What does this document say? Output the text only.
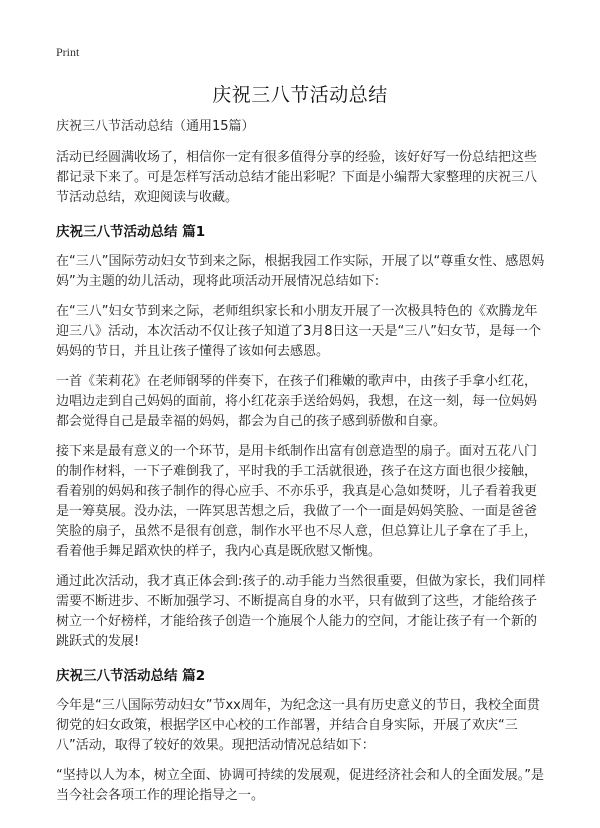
Print
庆祝三八节活动总结

庆祝三八节活动总结（通用15篇）

活动已经圆满收场了，相信你一定有很多值得分享的经验，该好好写一份总结把这些都记录下来了。可是怎样写活动总结才能出彩呢？下面是小编帮大家整理的庆祝三八节活动总结，欢迎阅读与收藏。

庆祝三八节活动总结 篇1

在“三八”国际劳动妇女节到来之际，根据我园工作实际，开展了以“尊重女性、感恩妈妈”为主题的幼儿活动，现将此项活动开展情况总结如下:

在“三八”妇女节到来之际，老师组织家长和小朋友开展了一次极具特色的《欢腾龙年迎三八》活动，本次活动不仅让孩子知道了3月8日这一天是“三八”妇女节，是每一个妈妈的节日，并且让孩子懂得了该如何去感恩。

一首《茉莉花》在老师钢琴的伴奏下，在孩子们稚嫩的歌声中，由孩子手拿小红花，边唱边走到自己妈妈的面前，将小红花亲手送给妈妈，我想，在这一刻，每一位妈妈都会觉得自己是最幸福的妈妈，都会为自己的孩子感到骄傲和自豪。

接下来是最有意义的一个环节，是用卡纸制作出富有创意造型的扇子。面对五花八门的制作材料，一下子难倒我了，平时我的手工活就很逊，孩子在这方面也很少接触，看着别的妈妈和孩子制作的得心应手、不亦乐乎，我真是心急如焚呀，儿子看着我更是一筹莫展。没办法，一阵冥思苦想之后，我做了一个一面是妈妈笑脸、一面是爸爸笑脸的扇子，虽然不是很有创意，制作水平也不尽人意，但总算让儿子拿在了手上，看着他手舞足蹈欢快的样子，我内心真是既欣慰又惭愧。

通过此次活动，我才真正体会到:孩子的.动手能力当然很重要，但做为家长，我们同样需要不断进步、不断加强学习、不断提高自身的水平，只有做到了这些，才能给孩子树立一个好榜样，才能给孩子创造一个施展个人能力的空间，才能让孩子有一个新的跳跃式的发展!

庆祝三八节活动总结 篇2

今年是“三八国际劳动妇女”节xx周年，为纪念这一具有历史意义的节日，我校全面贯彻党的妇女政策，根据学区中心校的工作部署，并结合自身实际，开展了欢庆“三八”活动，取得了较好的效果。现把活动情况总结如下：

“坚持以人为本，树立全面、协调可持续的发展观，促进经济社会和人的全面发展。”是当今社会各项工作的理论指导之一。
